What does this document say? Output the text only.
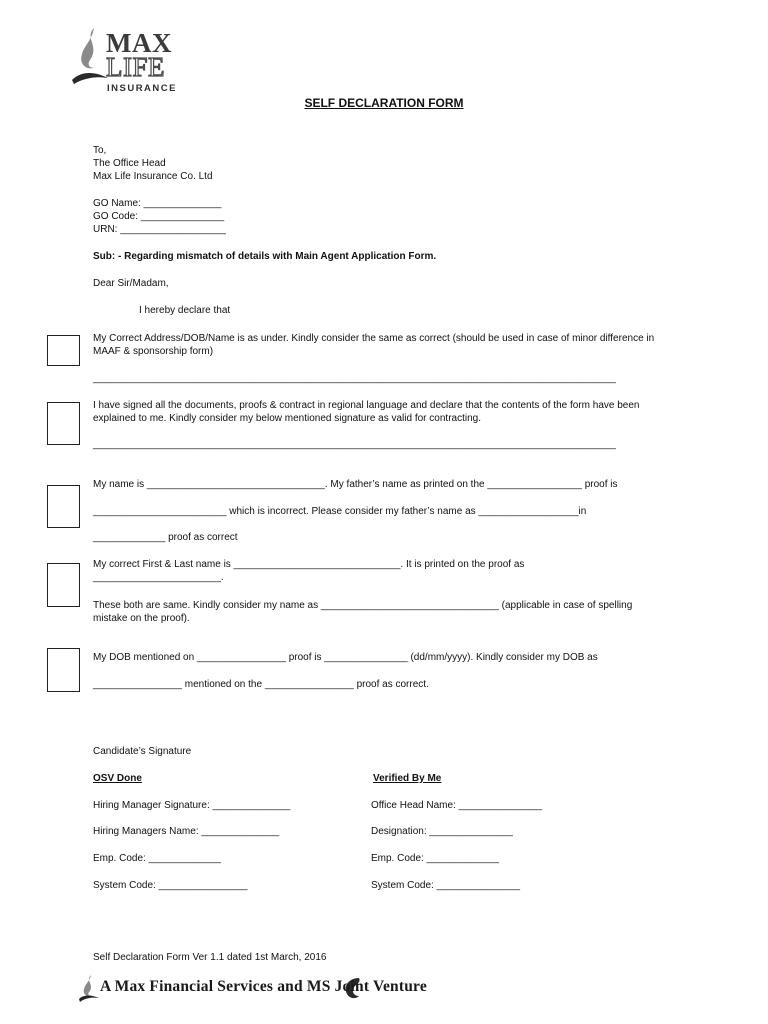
MAX
LIFE
INSURANCE
SELF DECLARATION FORM
To,
The Office Head
Max Life Insurance Co. Ltd
GO Name: ______________
GO Code: _______________
URN: ___________________
Sub: - Regarding mismatch of details with Main Agent Application Form.
Dear Sir/Madam,
I hereby declare that
My Correct Address/DOB/Name is as under. Kindly consider the same as correct (should be used in case of minor difference in MAAF & sponsorship form)
______________________________________________________________________________________________
I have signed all the documents, proofs & contract in regional language and declare that the contents of the form have been explained to me. Kindly consider my below mentioned signature as valid for contracting.
______________________________________________________________________________________________
My name is ________________________________. My father’s name as printed on the _________________ proof is
________________________ which is incorrect. Please consider my father’s name as __________________in
_____________ proof as correct
My correct First & Last name is ______________________________. It is printed on the proof as
_______________________.
These both are same. Kindly consider my name as ________________________________ (applicable in case of spelling mistake on the proof).
My DOB mentioned on ________________ proof is _______________ (dd/mm/yyyy). Kindly consider my DOB as
________________ mentioned on the ________________ proof as correct.
Candidate’s Signature
OSV Done
Hiring Manager Signature: ______________
Hiring Managers Name: ______________
Emp. Code: _____________
System Code: ________________
Verified By Me
Office Head Name: _______________
Designation: _______________
Emp. Code: _____________
System Code: _______________
Self Declaration Form Ver 1.1 dated 1st March, 2016
A Max Financial Services and MS Joint Venture
